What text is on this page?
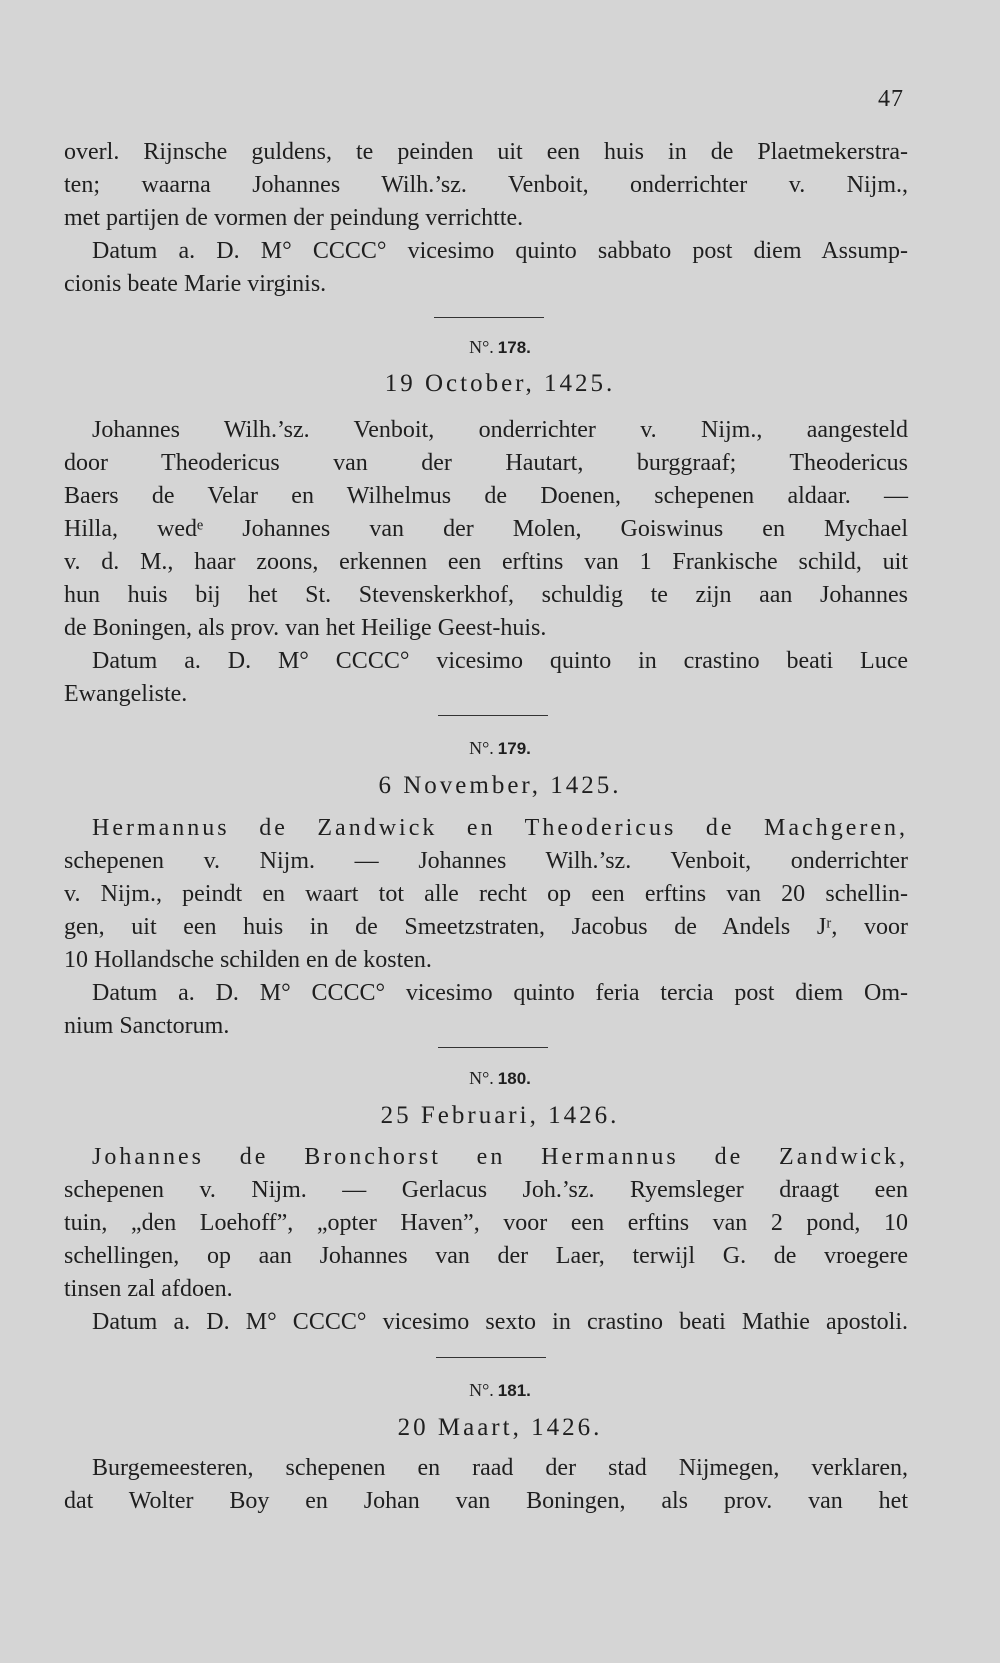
47
overl. Rijnsche guldens, te peinden uit een huis in de Plaetmekerstra-
ten; waarna Johannes Wilh.’sz. Venboit, onderrichter v. Nijm.,
met partijen de vormen der peindung verrichtte.
Datum a. D. M° CCCC° vicesimo quinto sabbato post diem Assump-
cionis beate Marie virginis.
N°. 178.
19 October, 1425.
Johannes Wilh.’sz. Venboit, onderrichter v. Nijm., aangesteld
door Theodericus van der Hautart, burggraaf; Theodericus
Baers de Velar en Wilhelmus de Doenen, schepenen aldaar. —
Hilla, wedᵉ Johannes van der Molen, Goiswinus en Mychael
v. d. M., haar zoons, erkennen een erftins van 1 Frankische schild, uit
hun huis bij het St. Stevenskerkhof, schuldig te zijn aan Johannes
de Boningen, als prov. van het Heilige Geest-huis.
Datum a. D. M° CCCC° vicesimo quinto in crastino beati Luce
Ewangeliste.
N°. 179.
6 November, 1425.
Hermannus de Zandwick en Theodericus de Machgeren,
schepenen v. Nijm. — Johannes Wilh.’sz. Venboit, onderrichter
v. Nijm., peindt en waart tot alle recht op een erftins van 20 schellin-
gen, uit een huis in de Smeetzstraten, Jacobus de Andels Jʳ, voor
10 Hollandsche schilden en de kosten.
Datum a. D. M° CCCC° vicesimo quinto feria tercia post diem Om-
nium Sanctorum.
N°. 180.
25 Februari, 1426.
Johannes de Bronchorst en Hermannus de Zandwick,
schepenen v. Nijm. — Gerlacus Joh.’sz. Ryemsleger draagt een
tuin, „den Loehoff”, „opter Haven”, voor een erftins van 2 pond, 10
schellingen, op aan Johannes van der Laer, terwijl G. de vroegere
tinsen zal afdoen.
Datum a. D. M° CCCC° vicesimo sexto in crastino beati Mathie apostoli.
N°. 181.
20 Maart, 1426.
Burgemeesteren, schepenen en raad der stad Nijmegen, verklaren,
dat Wolter Boy en Johan van Boningen, als prov. van het
